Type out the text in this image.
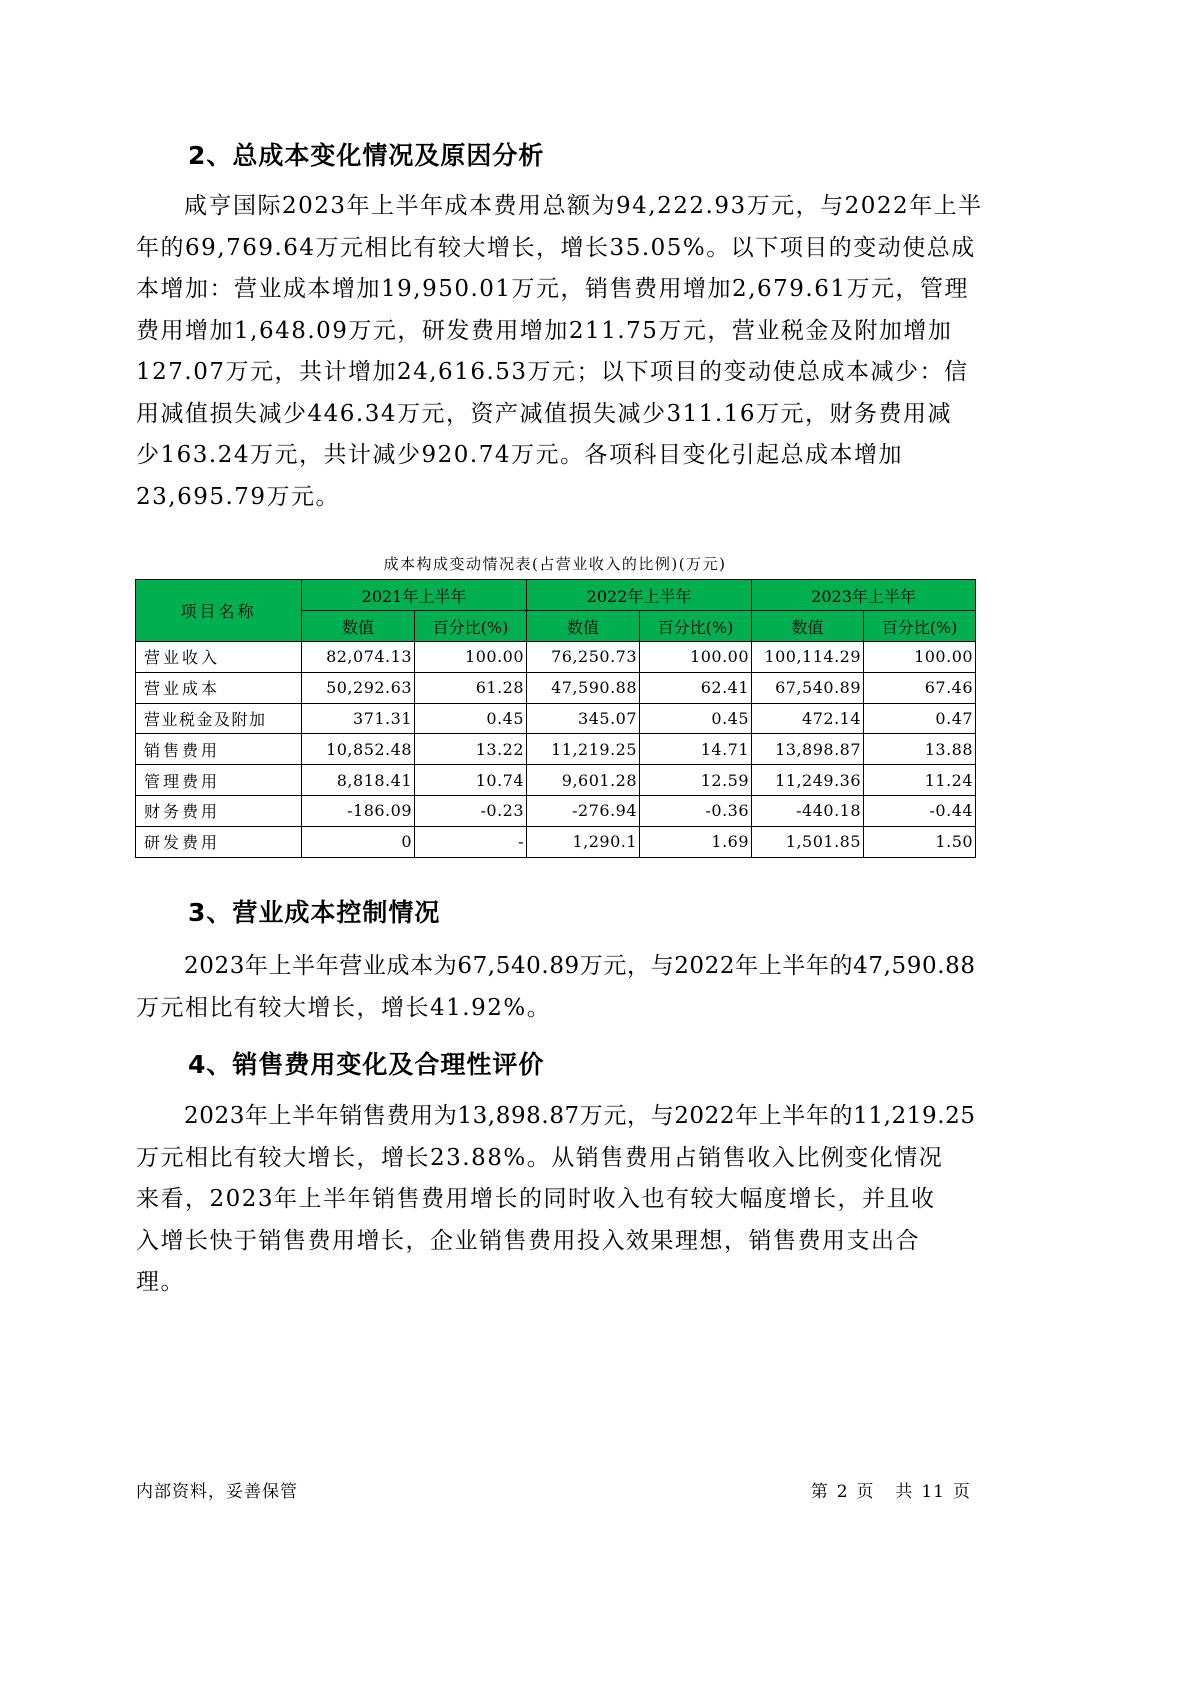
2、总成本变化情况及原因分析
咸亨国际2023年上半年成本费用总额为94,222.93万元，与2022年上半
年的69,769.64万元相比有较大增长，增长35.05%。以下项目的变动使总成
本增加：营业成本增加19,950.01万元，销售费用增加2,679.61万元，管理
费用增加1,648.09万元，研发费用增加211.75万元，营业税金及附加增加
127.07万元，共计增加24,616.53万元；以下项目的变动使总成本减少：信
用减值损失减少446.34万元，资产减值损失减少311.16万元，财务费用减
少163.24万元，共计减少920.74万元。各项科目变化引起总成本增加
23,695.79万元。

成本构成变动情况表(占营业收入的比例)(万元)

项目名称	2021年上半年		2022年上半年		2023年上半年	
	数值	百分比(%)	数值	百分比(%)	数值	百分比(%)
营业收入	82,074.13	100.00	76,250.73	100.00	100,114.29	100.00
营业成本	50,292.63	61.28	47,590.88	62.41	67,540.89	67.46
营业税金及附加	371.31	0.45	345.07	0.45	472.14	0.47
销售费用	10,852.48	13.22	11,219.25	14.71	13,898.87	13.88
管理费用	8,818.41	10.74	9,601.28	12.59	11,249.36	11.24
财务费用	-186.09	-0.23	-276.94	-0.36	-440.18	-0.44
研发费用	0	-	1,290.1	1.69	1,501.85	1.50
3、营业成本控制情况
2023年上半年营业成本为67,540.89万元，与2022年上半年的47,590.88
万元相比有较大增长，增长41.92%。
4、销售费用变化及合理性评价
2023年上半年销售费用为13,898.87万元，与2022年上半年的11,219.25
万元相比有较大增长，增长23.88%。从销售费用占销售收入比例变化情况
来看，2023年上半年销售费用增长的同时收入也有较大幅度增长，并且收
入增长快于销售费用增长，企业销售费用投入效果理想，销售费用支出合
理。

内部资料，妥善保管	第 2 页 共 11 页
